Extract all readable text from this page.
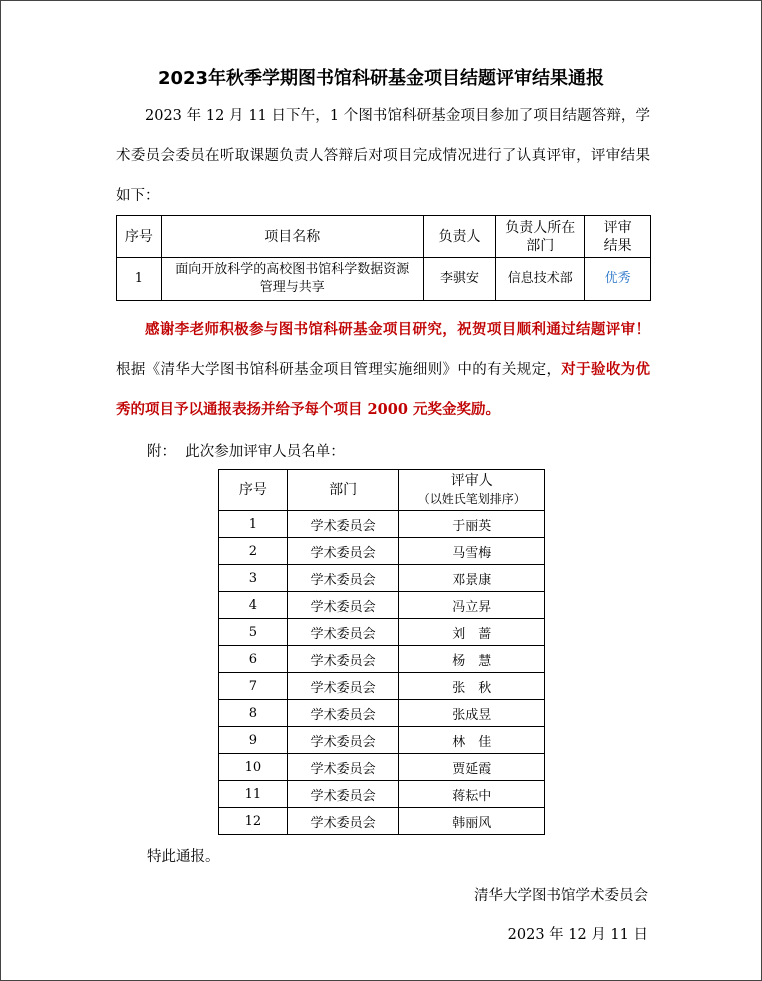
2023年秋季学期图书馆科研基金项目结题评审结果通报
2023 年 12 月 11 日下午，1 个图书馆科研基金项目参加了项目结题答辩，学术委员会委员在听取课题负责人答辩后对项目完成情况进行了认真评审，评审结果如下：
序号	项目名称	负责人	负责人所在部门	评审结果
1	面向开放科学的高校图书馆科学数据资源管理与共享	李骐安	信息技术部	优秀
感谢李老师积极参与图书馆科研基金项目研究，祝贺项目顺利通过结题评审！根据《清华大学图书馆科研基金项目管理实施细则》中的有关规定，对于验收为优秀的项目予以通报表扬并给予每个项目 2000 元奖金奖励。
附：  此次参加评审人员名单：
序号	部门	评审人
（以姓氏笔划排序）

1	学术委员会	于丽英
2	学术委员会	马雪梅
3	学术委员会	邓景康
4	学术委员会	冯立昇
5	学术委员会	刘　蔷
6	学术委员会	杨　慧
7	学术委员会	张　秋
8	学术委员会	张成昱
9	学术委员会	林　佳
10	学术委员会	贾延霞
11	学术委员会	蒋耘中
12	学术委员会	韩丽风
特此通报。
清华大学图书馆学术委员会
2023 年 12 月 11 日
